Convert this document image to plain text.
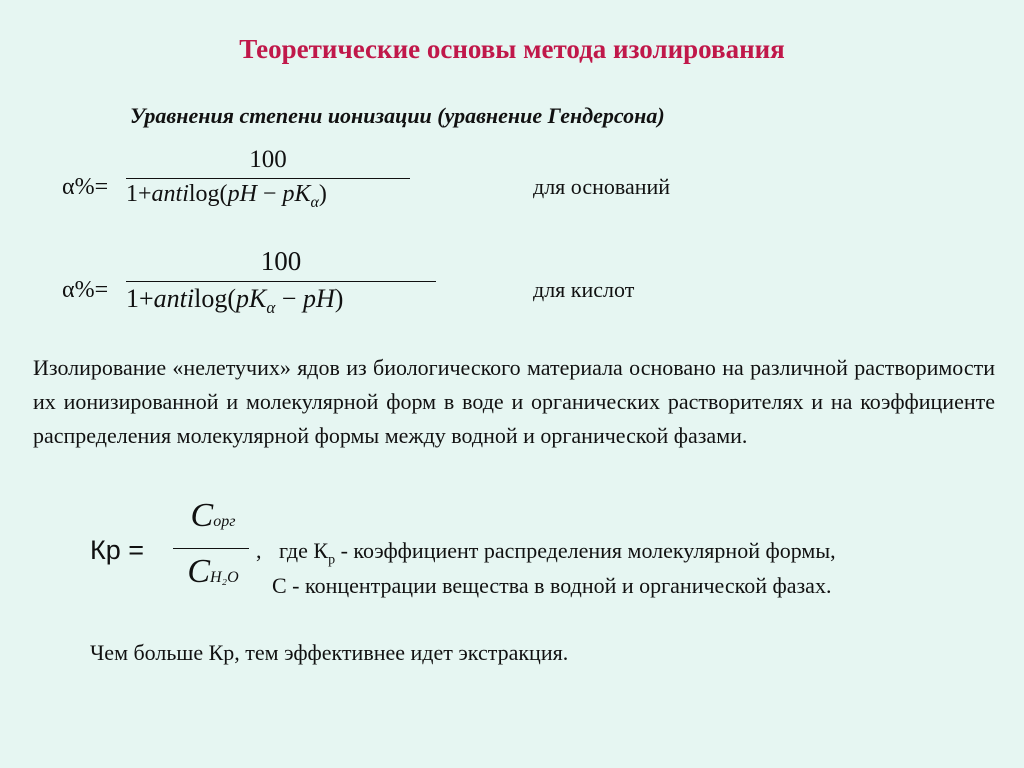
Теоретические основы метода изолирования
Уравнения степени ионизации (уравнение Гендерсона)
α%=
100
1+antilog(pH − $pK_\alpha$)	для оснований
α%=
100
$1+antilog(pK_\alpha - pH)$	для кислот
Изолирование «нелетучих» ядов из биологического материала основано на различной растворимости их ионизированной и молекулярной форм в воде и органических растворителях и на коэффициенте распределения молекулярной формы между водной и органической фазами.
Кр =
Cорг
CH₂O
, где $К_р$ - коэффициент распределения молекулярной формы,
С - концентрации вещества в водной и органической фазах.
Чем больше Кр, тем эффективнее идет экстракция.
